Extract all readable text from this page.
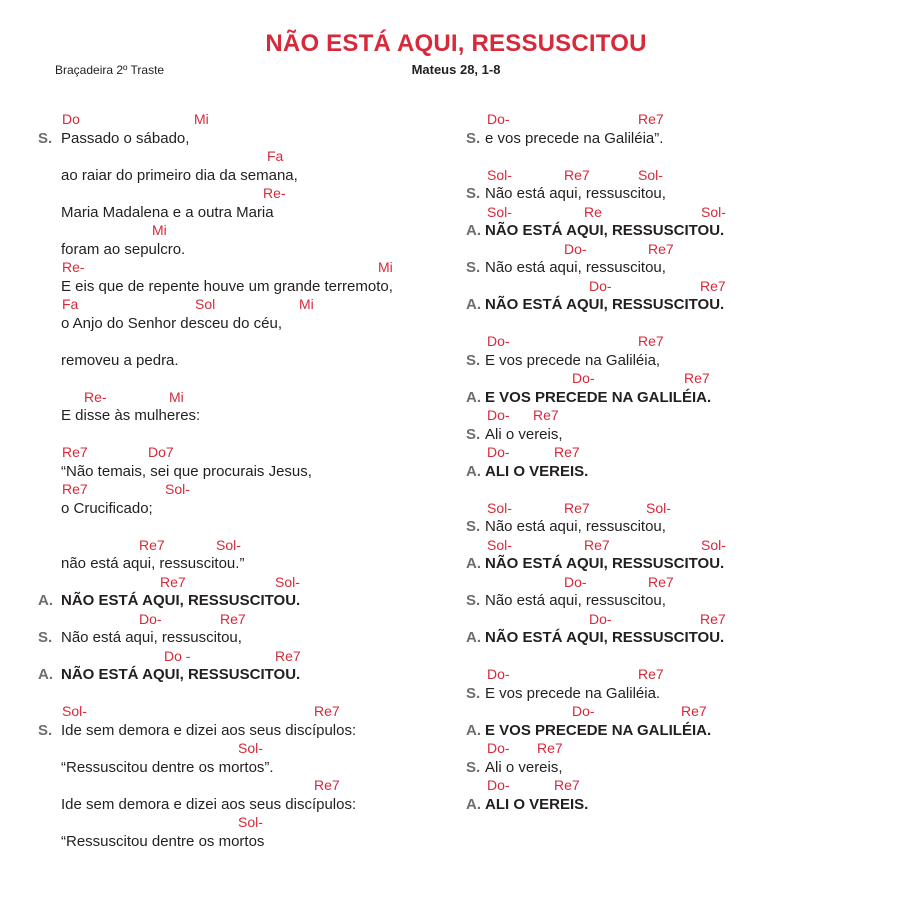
NÃO ESTÁ AQUI, RESSUSCITOU
Braçadeira 2º Traste	Mateus 28, 1-8
Do	Mi
S. Passado o sábado,
Fa
ao raiar do primeiro dia da semana,
Re-
Maria Madalena e a outra Maria
Mi
foram ao sepulcro.
Re-	Mi
E eis que de repente houve um grande terremoto,
Fa	Sol	Mi
o Anjo do Senhor desceu do céu,
removeu a pedra.
Re-	Mi
E disse às mulheres:
Re7	Do7
“Não temais, sei que procurais Jesus,
Re7	Sol-
o Crucificado;
Re7	Sol-
não está aqui, ressuscitou.”
Re7	Sol-
A. NÃO ESTÁ AQUI, RESSUSCITOU.
Do-	Re7
S. Não está aqui, ressuscitou,
Do -	Re7
A. NÃO ESTÁ AQUI, RESSUSCITOU.
Sol-	Re7
S. Ide sem demora e dizei aos seus discípulos:
Sol-
“Ressuscitou dentre os mortos”.
Re7
Ide sem demora e dizei aos seus discípulos:
Sol-
“Ressuscitou dentre os mortos
Do-	Re7
S. e vos precede na Galiléia”.
Sol-	Re7	Sol-
S. Não está aqui, ressuscitou,
Sol-	Re	Sol-
A. NÃO ESTÁ AQUI, RESSUSCITOU.
Do-	Re7
S. Não está aqui, ressuscitou,
Do-	Re7
A. NÃO ESTÁ AQUI, RESSUSCITOU.
Do-	Re7
S. E vos precede na Galiléia,
Do-	Re7
A. E VOS PRECEDE NA GALILÉIA.
Do- Re7
S. Ali o vereis,
Do-	Re7
A. ALI O VEREIS.
Sol-	Re7	Sol-
S. Não está aqui, ressuscitou,
Sol-	Re7	Sol-
A. NÃO ESTÁ AQUI, RESSUSCITOU.
Do-	Re7
S. Não está aqui, ressuscitou,
Do-	Re7
A. NÃO ESTÁ AQUI, RESSUSCITOU.
Do-	Re7
S. E vos precede na Galiléia.
Do-	Re7
A. E VOS PRECEDE NA GALILÉIA.
Do- Re7
S. Ali o vereis,
Do-	Re7
A. ALI O VEREIS.
